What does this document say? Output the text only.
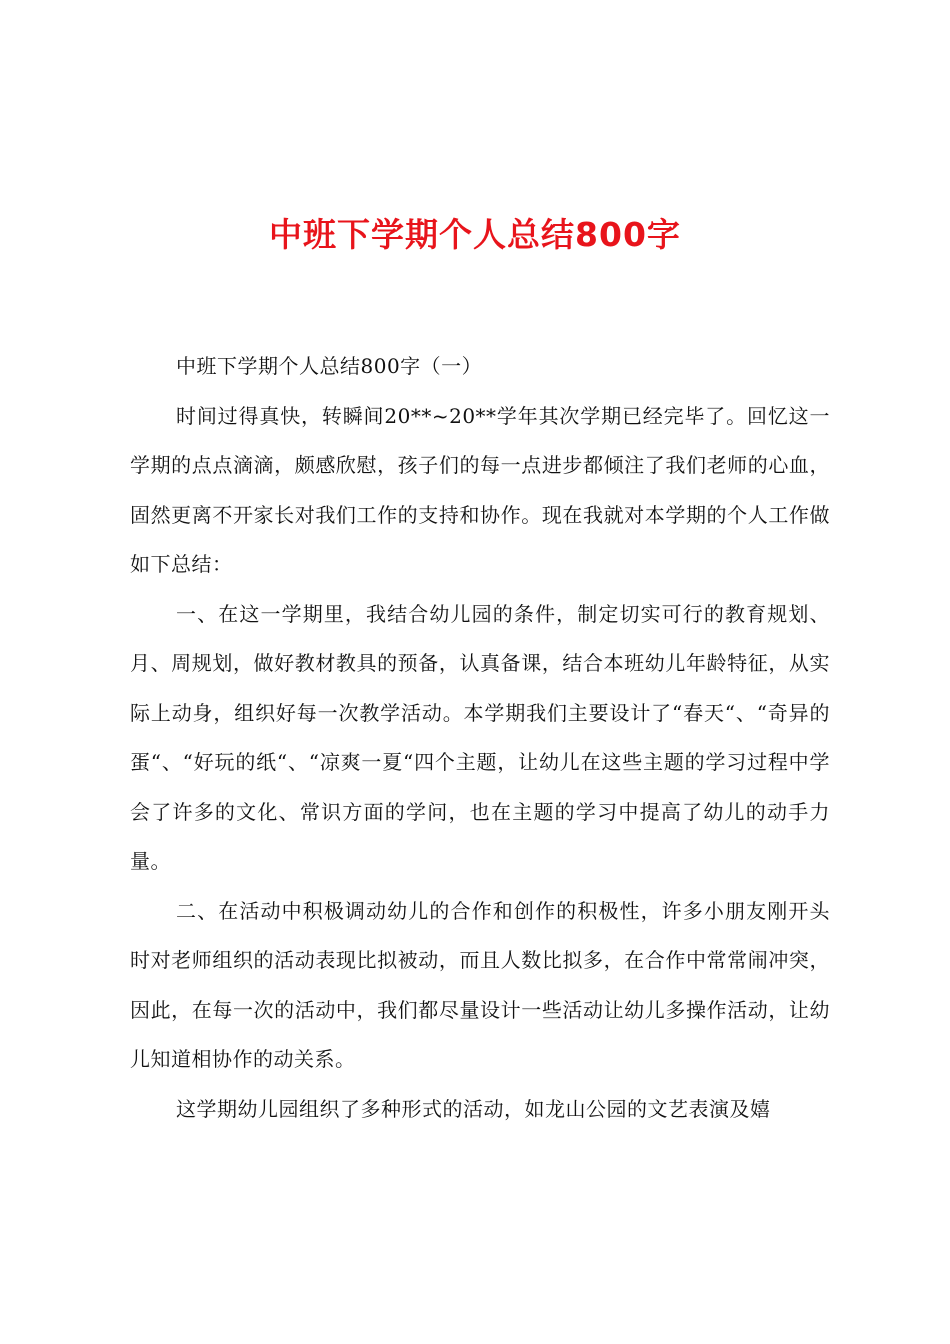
中班下学期个人总结800字

中班下学期个人总结800字（一）

时间过得真快，转瞬间20**~20**学年其次学期已经完毕了。回忆这一学期的点点滴滴，颇感欣慰，孩子们的每一点进步都倾注了我们老师的心血，固然更离不开家长对我们工作的支持和协作。现在我就对本学期的个人工作做如下总结：

一、在这一学期里，我结合幼儿园的条件，制定切实可行的教育规划、月、周规划，做好教材教具的预备，认真备课，结合本班幼儿年龄特征，从实际上动身，组织好每一次教学活动。本学期我们主要设计了“春天“、“奇异的蛋“、“好玩的纸“、“凉爽一夏“四个主题，让幼儿在这些主题的学习过程中学会了许多的文化、常识方面的学问，也在主题的学习中提高了幼儿的动手力量。

二、在活动中积极调动幼儿的合作和创作的积极性，许多小朋友刚开头时对老师组织的活动表现比拟被动，而且人数比拟多，在合作中常常闹冲突，因此，在每一次的活动中，我们都尽量设计一些活动让幼儿多操作活动，让幼儿知道相协作的动关系。

这学期幼儿园组织了多种形式的活动，如龙山公园的文艺表演及嬉
